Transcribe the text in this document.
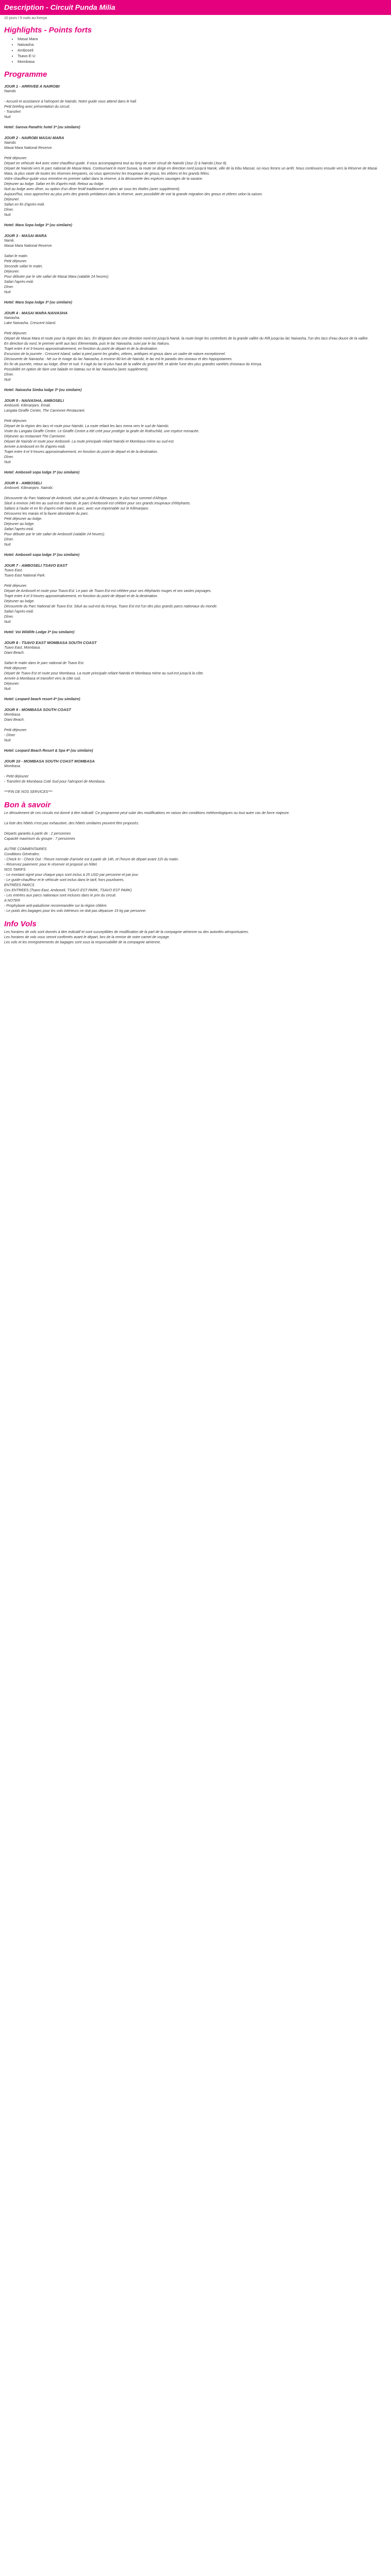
Description - Circuit Punda Milia
10 jours / 9 nuits au Kenya
Highlights - Points forts
• Masai Mara
• Naivasha
• Amboseli
• Tsavo E-U
• Mombasa
Programme
JOUR 1 - ARRIVEE A NAIROBI
Nairobi.
- Accueil et assistance à l'aéroport de Nairobi. Notre guide vous attend dans le hall.
Petit briefing avec présentation du circuit.
- Transfert
Nuit
Hotel: Sarova Panafric hotel 3* (ou similaire)
JOUR 2 - NAIROBI MASAI MARA
Nairobi.
Masai Mara National Reserve.
Petit déjeuner.
Départ en véhicule 4x4 avec votre chauffeur-guide. Il vous accompagnera tout au long de votre circuit de Nairobi (Jour 2) à Nairobi (Jour 8).
Départ de Nairobi vers le parc national de Masai Mara. Contournant le mont Suswa, la route se dirige en direction nord jusqu'à Narok, ville de la tribu Massaï, où nous ferons un arrêt. Nous continuons ensuite vers la Réserve de Masai Mara, la plus vaste de toutes les réserves kenyanes, où vous apercevrez les troupeaux de gnous, les zèbres et les grands félins.
Votre chauffeur-guide vous emmène en premier safari dans la réserve, à la découverte des espèces sauvages de la savane.
Déjeuner au lodge. Safari en fin d'après-midi. Retour au lodge.
Nuit au lodge avec dîner, ou option d'un dîner festif traditionnel en plein air sous les étoiles (avec supplément).
Aujourd'hui, vous approchez au plus près des grands prédateurs dans la réserve, avec possibilité de voir la grande migration des gnous et zèbres selon la saison.
Déjeuner.
Safari en fin d'après-midi.
Dîner.
Nuit
Hotel: Mara Sopa lodge 3* (ou similaire)
JOUR 3 - MASAI MARA
Narok.
Masai Mara National Reserve.
Safari le matin.
Petit déjeuner.
Seconde safari le matin.
Déjeuner.
Pour débuter par le site safari de Masai Mara (valable 24 heures).
Safari l'après-midi.
Dîner.
Nuit
Hotel: Mara Sopa lodge 3* (ou similaire)
JOUR 4 - MASAI MARA NAIVASHA
Naivasha.
Lake Naivasha. Crescent Island.
Petit déjeuner.
Départ de Masai Mara et route pour la région des lacs. En dirigeant dans une direction nord-est jusqu'à Narok, la route longe les contreforts de la grande vallée du Rift jusqu'au lac Naivasha, l'un des lacs d'eau douce de la vallée.
En direction du nord, le premier arrêt aux lacs Elementaita, puis le lac Naivasha, suivi par le lac Nakuru.
Trajet entre 4 et 9 heures approximativement, en fonction du point de départ et de la destination.
Excursion de la journée : Crescent Island, safari à pied parmi les girafes, zèbres, antilopes et gnous dans un cadre de nature exceptionnel.
Découverte de Naivasha : Né sur le rivage du lac Naivasha, à environ 80 km de Nairobi, le lac est le paradis des oiseaux et des hippopotames.
En fin de journée, retour au lodge, dîner et nuit. Il s'agit du lac le plus haut de la vallée du grand Rift, et abrite l'une des plus grandes variétés d'oiseaux du Kenya.
Possibilité en option de faire une balade en bateau sur le lac Naivasha (avec supplément).
Dîner.
Nuit
Hotel: Naivasha Simba lodge 3* (ou similaire)
JOUR 5 - NAIVASHA, AMBOSELI
Amboseli. Kilimanjaro. Emali.
Langata Giraffe Center, The Carnivore Restaurant.
Petit déjeuner.
Départ de la région des lacs et route pour Nairobi. La route reliant les lacs mena vers le sud de Nairobi.
Visite du Langata Giraffe Centre. Le Giraffe Centre a été créé pour protéger la girafe de Rothschild, une espèce menacée.
Déjeuner au restaurant The Carnivore.
Départ de Nairobi et route pour Amboseli. La route principale reliant Nairobi et Mombasa mène au sud-est.
Arrivée à Amboseli en fin d'après-midi.
Trajet entre 4 et 9 heures approximativement, en fonction du point de départ et de la destination.
Dîner.
Nuit
Hotel: Amboseli sopa lodge 3* (ou similaire)
JOUR 6 - AMBOSELI
Amboseli. Kilimanjaro. Nairobi.
Découverte du Parc National de Amboseli, situé au pied du Kilimanjaro, le plus haut sommet d'Afrique.
Situé à environ 240 km au sud-est de Nairobi, le parc d'Amboseli est célèbre pour ses grands troupeaux d'éléphants.
Safaris à l'aube et en fin d'après-midi dans le parc, avec vue imprenable sur le Kilimanjaro.
Découvrez les marais et la faune abondante du parc.
Petit déjeuner au lodge.
Déjeuner au lodge.
Safari l'après-midi.
Pour débuter par le site safari de Amboseli (valable 24 heures).
Dîner.
Nuit
Hotel: Amboseli sopa lodge 3* (ou similaire)
JOUR 7 - AMBOSELI TSAVO EAST
Tsavo East.
Tsavo East National Park.
Petit déjeuner.
Départ de Amboseli et route pour Tsavo-Est. Le parc de Tsavo Est est célèbre pour ses éléphants rouges et ses vastes paysages.
Trajet entre 4 et 9 heures approximativement, en fonction du point de départ et de la destination.
Déjeuner au lodge.
Découverte du Parc National de Tsavo Est. Situé au sud-est du Kenya, Tsavo Est est l'un des plus grands parcs nationaux du monde.
Safari l'après-midi.
Dîner.
Nuit
Hotel: Voi Wildlife Lodge 3* (ou similaire)
JOUR 8 - TSAVO EAST MOMBASA SOUTH COAST
Tsavo East, Mombasa.
Diani Beach.
Safari le matin dans le parc national de Tsavo Est.
Petit déjeuner.
Départ de Tsavo Est et route pour Mombasa. La route principale reliant Nairobi et Mombasa mène au sud-est jusqu'à la côte.
Arrivée à Mombasa et transfert vers la côte sud.
Déjeuner.
Nuit
Hotel: Leopard beach resort 4* (ou similaire)
JOUR 9 - MOMBASA SOUTH COAST
Mombasa.
Diani Beach.
Petit déjeuner.
- Dîner
Nuit
Hotel: Leopard Beach Resort & Spa 4* (ou similaire)
JOUR 10 - MOMBASA SOUTH COAST MOMBASA
Mombasa.
- Petit déjeuner
- Transfert de Mombasa Coté Sud pour l'aéroport de Mombasa.
***FIN DE NOS SERVICES***
Bon à savoir
Le déroulement de ces circuits est donné à titre indicatif. Ce programme peut subir des modifications en raison des conditions météorologiques ou tout autre cas de force majeure.
La liste des hôtels n'est pas exhaustive, des hôtels similaires peuvent être proposés.
Départs garantis à partir de : 2 personnes
Capacité maximum du groupe : 7 personnes
AUTRE COMMENTAIRES
Conditions Générales:
- Check In - Check Out : l'heure normale d'arrivée est à partir de 14h, et l'heure de départ avant 11h du matin.
- Réservez paiement: pour le réserver et proposé un hôtel.
NOS TARIFS
- Le montant signé pour chaque pays sont inclus à 25 USD par personne et par jour.
- Le guide-chauffeur et le véhicule sont inclus dans le tarif, hors pourboires.
ENTRÉES PARCS
Ces ENTREES (Tsavo East, Amboseli, TSAVO EST PARK, TSAVO EST PARK)
- Les entrées aux parcs nationaux sont incluses dans le prix du circuit.
A NOTER
- Prophylaxie anti-paludisme recommandée sur la région côtière.
- Le poids des bagages pour les vols intérieurs ne doit pas dépasser 15 kg par personne.
Info Vols
Les horaires de vols sont donnés à titre indicatif et sont susceptibles de modification de la part de la compagnie aérienne ou des autorités aéroportuaires.
Les horaires de vols vous seront confirmés avant le départ, lors de la remise de votre carnet de voyage.
Les vols et les enregistrements de bagages sont sous la responsabilité de la compagnie aérienne.
